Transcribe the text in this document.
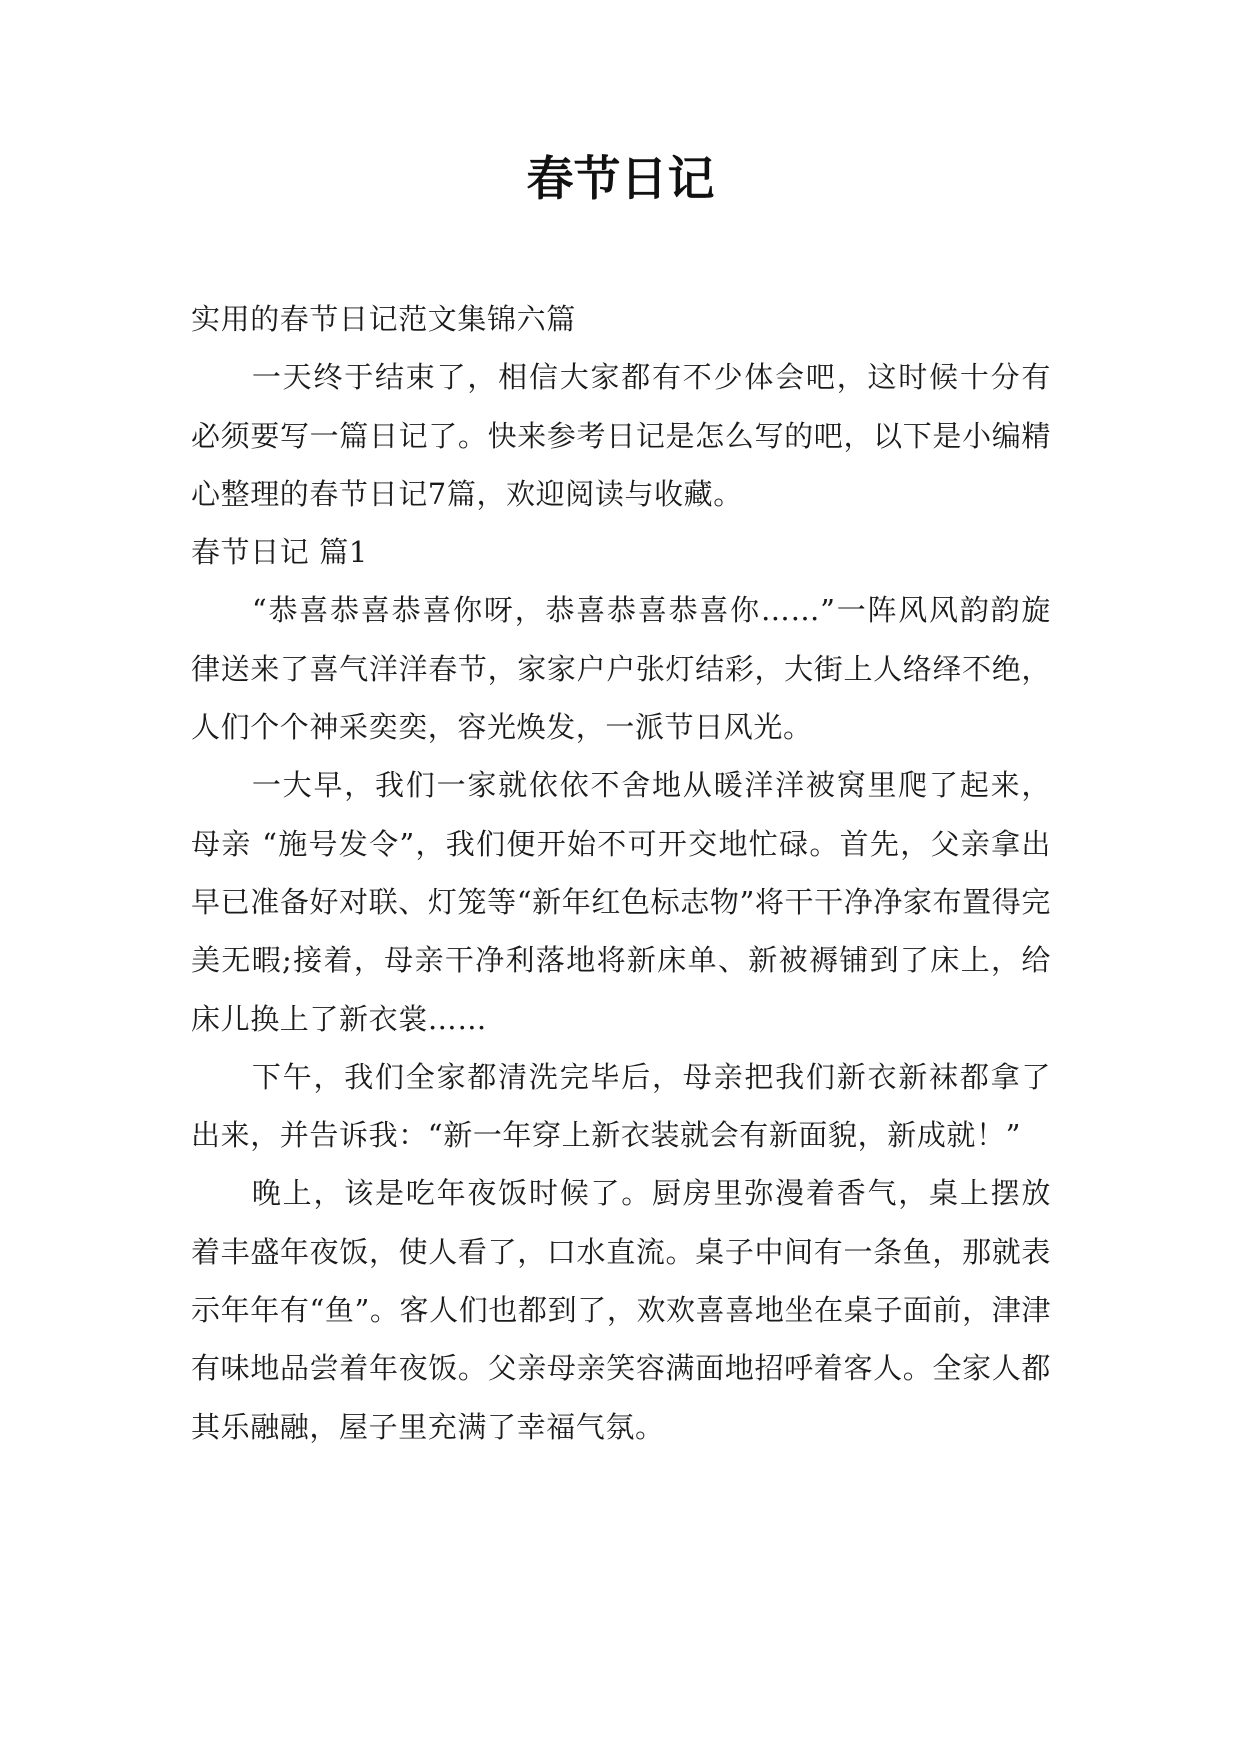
春节日记

实用的春节日记范文集锦六篇

一天终于结束了，相信大家都有不少体会吧，这时候十分有必须要写一篇日记了。快来参考日记是怎么写的吧，以下是小编精心整理的春节日记7篇，欢迎阅读与收藏。

春节日记 篇1

“恭喜恭喜恭喜你呀，恭喜恭喜恭喜你……”一阵风风韵韵旋律送来了喜气洋洋春节，家家户户张灯结彩，大街上人络绎不绝，人们个个神采奕奕，容光焕发，一派节日风光。

一大早，我们一家就依依不舍地从暖洋洋被窝里爬了起来，母亲 “施号发令”，我们便开始不可开交地忙碌。首先，父亲拿出早已准备好对联、灯笼等“新年红色标志物”将干干净净家布置得完美无暇;接着，母亲干净利落地将新床单、新被褥铺到了床上，给床儿换上了新衣裳……

下午，我们全家都清洗完毕后，母亲把我们新衣新袜都拿了出来，并告诉我：“新一年穿上新衣装就会有新面貌，新成就！”

晚上，该是吃年夜饭时候了。厨房里弥漫着香气，桌上摆放着丰盛年夜饭，使人看了，口水直流。桌子中间有一条鱼，那就表示年年有“鱼”。客人们也都到了，欢欢喜喜地坐在桌子面前，津津有味地品尝着年夜饭。父亲母亲笑容满面地招呼着客人。全家人都其乐融融，屋子里充满了幸福气氛。
